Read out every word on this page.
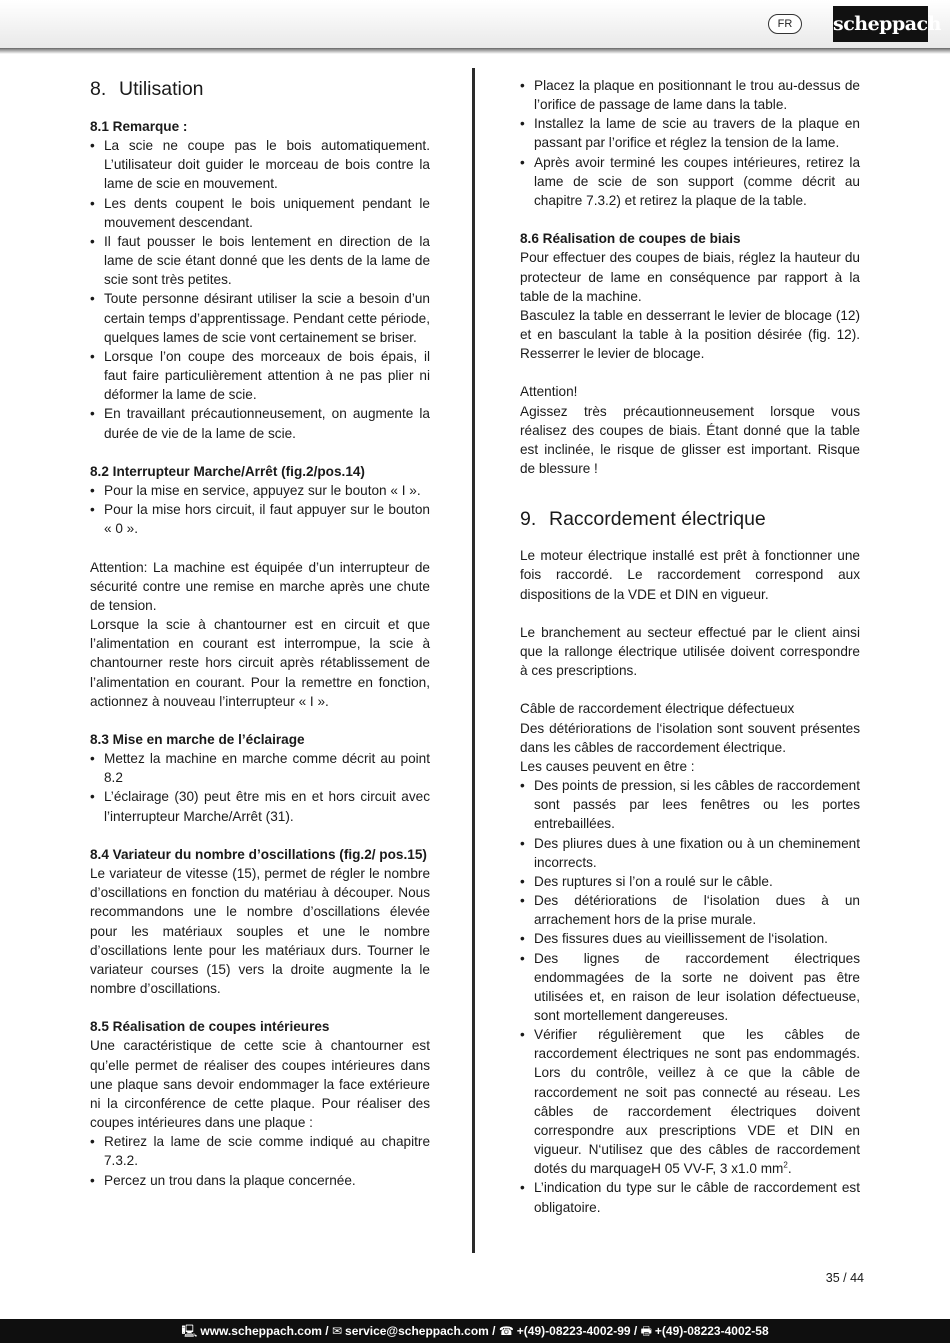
FR	scheppach
8. Utilisation
8.1 Remarque :
• La scie ne coupe pas le bois automatiquement. L’utilisateur doit guider le morceau de bois contre la lame de scie en mouvement.
• Les dents coupent le bois uniquement pendant le mouvement descendant.
• Il faut pousser le bois lentement en direction de la lame de scie étant donné que les dents de la lame de scie sont très petites.
• Toute personne désirant utiliser la scie a besoin d’un certain temps d’apprentissage. Pendant cette période, quelques lames de scie vont certainement se briser.
• Lorsque l’on coupe des morceaux de bois épais, il faut faire particulièrement attention à ne pas plier ni déformer la lame de scie.
• En travaillant précautionneusement, on augmente la durée de vie de la lame de scie.
8.2 Interrupteur Marche/Arrêt (fig.2/pos.14)
• Pour la mise en service, appuyez sur le bouton « I ».
• Pour la mise hors circuit, il faut appuyer sur le bouton « 0 ».

Attention: La machine est équipée d’un interrupteur de sécurité contre une remise en marche après une chute de tension.

Lorsque la scie à chantourner est en circuit et que l’alimentation en courant est interrompue, la scie à chantourner reste hors circuit après rétablissement de l’alimentation en courant. Pour la remettre en fonction, actionnez à nouveau l’interrupteur « I ».

8.3 Mise en marche de l’éclairage
• Mettez la machine en marche comme décrit au point 8.2
• L’éclairage (30) peut être mis en et hors circuit avec l’interrupteur Marche/Arrêt (31).
8.4 Variateur du nombre d’oscillations (fig.2/ pos.15)

Le variateur de vitesse (15), permet de régler le nombre d’oscillations en fonction du matériau à découper. Nous recommandons une le nombre d’oscillations élevée pour les matériaux souples et une le nombre d’oscillations lente pour les matériaux durs. Tourner le variateur courses (15) vers la droite augmente la le nombre d’oscillations.

8.5 Réalisation de coupes intérieures

Une caractéristique de cette scie à chantourner est qu’elle permet de réaliser des coupes intérieures dans une plaque sans devoir endommager la face extérieure ni la circonférence de cette plaque. Pour réaliser des coupes intérieures dans une plaque :

• Retirez la lame de scie comme indiqué au chapitre 7.3.2.
• Percez un trou dans la plaque concernée.
• Placez la plaque en positionnant le trou au-dessus de l’orifice de passage de lame dans la table.
• Installez la lame de scie au travers de la plaque en passant par l’orifice et réglez la tension de la lame.
• Après avoir terminé les coupes intérieures, retirez la lame de scie de son support (comme décrit au chapitre 7.3.2) et retirez la plaque de la table.
8.6 Réalisation de coupes de biais

Pour effectuer des coupes de biais, réglez la hauteur du protecteur de lame en conséquence par rapport à la table de la machine.

Basculez la table en desserrant le levier de blocage (12) et en basculant la table à la position désirée (fig. 12). Resserrer le levier de blocage.

Attention!

Agissez très précautionneusement lorsque vous réalisez des coupes de biais. Étant donné que la table est inclinée, le risque de glisser est important. Risque de blessure !

9. Raccordement électrique

Le moteur électrique installé est prêt à fonctionner une fois raccordé. Le raccordement correspond aux dispositions de la VDE et DIN en vigueur.

Le branchement au secteur effectué par le client ainsi que la rallonge électrique utilisée doivent correspondre à ces prescriptions.

Câble de raccordement électrique défectueux

Des détériorations de l‘isolation sont souvent présentes dans les câbles de raccordement électrique.

Les causes peuvent en être :

• Des points de pression, si les câbles de raccordement sont passés par lees fenêtres ou les portes entrebaillées.
• Des pliures dues à une fixation ou à un cheminement incorrects.
• Des ruptures si l’on a roulé sur le câble.
• Des détériorations de l‘isolation dues à un arrachement hors de la prise murale.
• Des fissures dues au vieillissement de l‘isolation.
• Des lignes de raccordement électriques endommagées de la sorte ne doivent pas être utilisées et, en raison de leur isolation défectueuse, sont mortellement dangereuses.
• Vérifier régulièrement que les câbles de raccordement électriques ne sont pas endommagés. Lors du contrôle, veillez à ce que la câble de raccordement ne soit pas connecté au réseau. Les câbles de raccordement électriques doivent correspondre aux prescriptions VDE et DIN en vigueur. N‘utilisez que des câbles de raccordement dotés du marquageH 05 VV-F, 3 x1.0 $mm^2$.
• L’indication du type sur le câble de raccordement est obligatoire.
35 / 44
🖳 www.scheppach.com / ✉ service@scheppach.com / ☎ +(49)-08223-4002-99 / 🖶 +(49)-08223-4002-58
